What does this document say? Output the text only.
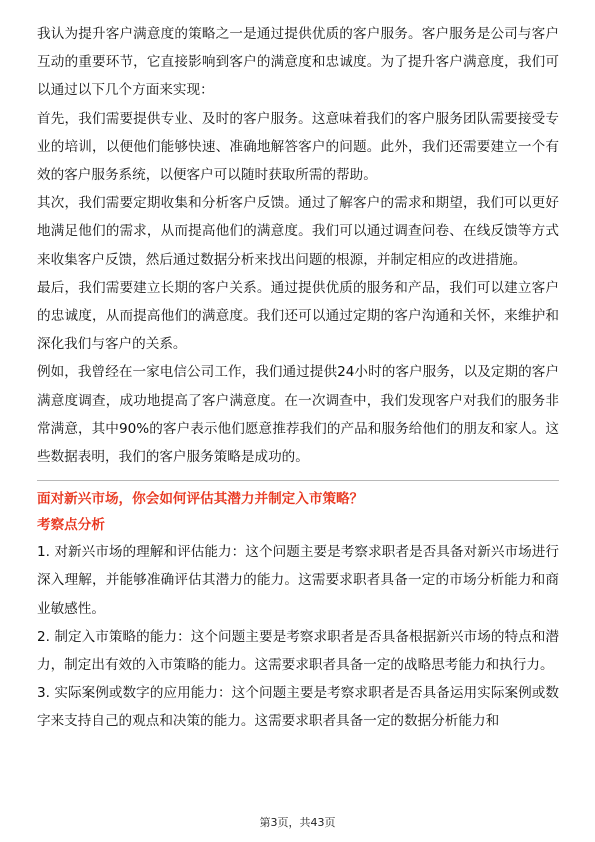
我认为提升客户满意度的策略之一是通过提供优质的客户服务。客户服务是公司与客户互动的重要环节，它直接影响到客户的满意度和忠诚度。为了提升客户满意度，我们可以通过以下几个方面来实现：

首先，我们需要提供专业、及时的客户服务。这意味着我们的客户服务团队需要接受专业的培训，以便他们能够快速、准确地解答客户的问题。此外，我们还需要建立一个有效的客户服务系统，以便客户可以随时获取所需的帮助。

其次，我们需要定期收集和分析客户反馈。通过了解客户的需求和期望，我们可以更好地满足他们的需求，从而提高他们的满意度。我们可以通过调查问卷、在线反馈等方式来收集客户反馈，然后通过数据分析来找出问题的根源，并制定相应的改进措施。

最后，我们需要建立长期的客户关系。通过提供优质的服务和产品，我们可以建立客户的忠诚度，从而提高他们的满意度。我们还可以通过定期的客户沟通和关怀，来维护和深化我们与客户的关系。

例如，我曾经在一家电信公司工作，我们通过提供24小时的客户服务，以及定期的客户满意度调查，成功地提高了客户满意度。在一次调查中，我们发现客户对我们的服务非常满意，其中90%的客户表示他们愿意推荐我们的产品和服务给他们的朋友和家人。这些数据表明，我们的客户服务策略是成功的。

面对新兴市场，你会如何评估其潜力并制定入市策略？

考察点分析

1. 对新兴市场的理解和评估能力：这个问题主要是考察求职者是否具备对新兴市场进行深入理解，并能够准确评估其潜力的能力。这需要求职者具备一定的市场分析能力和商业敏感性。

2. 制定入市策略的能力：这个问题主要是考察求职者是否具备根据新兴市场的特点和潜力，制定出有效的入市策略的能力。这需要求职者具备一定的战略思考能力和执行力。

3. 实际案例或数字的应用能力：这个问题主要是考察求职者是否具备运用实际案例或数字来支持自己的观点和决策的能力。这需要求职者具备一定的数据分析能力和

第3页，共43页
